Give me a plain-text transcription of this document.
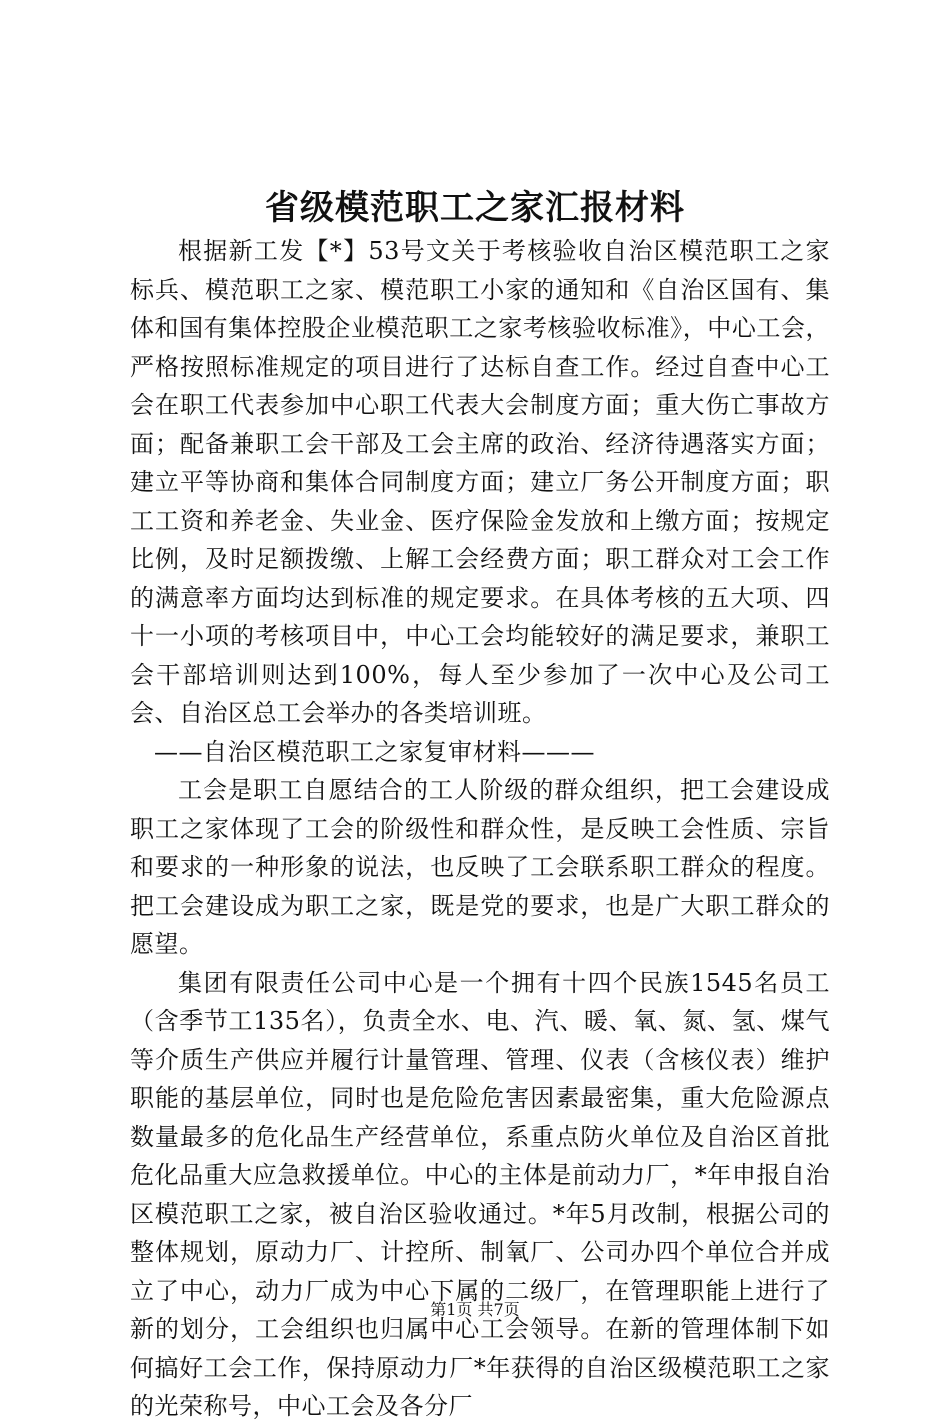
省级模范职工之家汇报材料

根据新工发【*】53号文关于考核验收自治区模范职工之家标兵、模范职工之家、模范职工小家的通知和《自治区国有、集体和国有集体控股企业模范职工之家考核验收标准》，中心工会，严格按照标准规定的项目进行了达标自查工作。经过自查中心工会在职工代表参加中心职工代表大会制度方面；重大伤亡事故方面；配备兼职工会干部及工会主席的政治、经济待遇落实方面；建立平等协商和集体合同制度方面；建立厂务公开制度方面；职工工资和养老金、失业金、医疗保险金发放和上缴方面；按规定比例，及时足额拨缴、上解工会经费方面；职工群众对工会工作的满意率方面均达到标准的规定要求。在具体考核的五大项、四十一小项的考核项目中，中心工会均能较好的满足要求，兼职工会干部培训则达到100%，每人至少参加了一次中心及公司工会、自治区总工会举办的各类培训班。

——自治区模范职工之家复审材料———

工会是职工自愿结合的工人阶级的群众组织，把工会建设成职工之家体现了工会的阶级性和群众性，是反映工会性质、宗旨和要求的一种形象的说法，也反映了工会联系职工群众的程度。把工会建设成为职工之家，既是党的要求，也是广大职工群众的愿望。

集团有限责任公司中心是一个拥有十四个民族1545名员工（含季节工135名），负责全水、电、汽、暖、氧、氮、氢、煤气等介质生产供应并履行计量管理、管理、仪表（含核仪表）维护职能的基层单位，同时也是危险危害因素最密集，重大危险源点数量最多的危化品生产经营单位，系重点防火单位及自治区首批危化品重大应急救援单位。中心的主体是前动力厂，*年申报自治区模范职工之家，被自治区验收通过。*年5月改制，根据公司的整体规划，原动力厂、计控所、制氧厂、公司办四个单位合并成立了中心，动力厂成为中心下属的二级厂，在管理职能上进行了新的划分，工会组织也归属中心工会领导。在新的管理体制下如何搞好工会工作，保持原动力厂*年获得的自治区级模范职工之家的光荣称号，中心工会及各分厂

第1页 共7页
